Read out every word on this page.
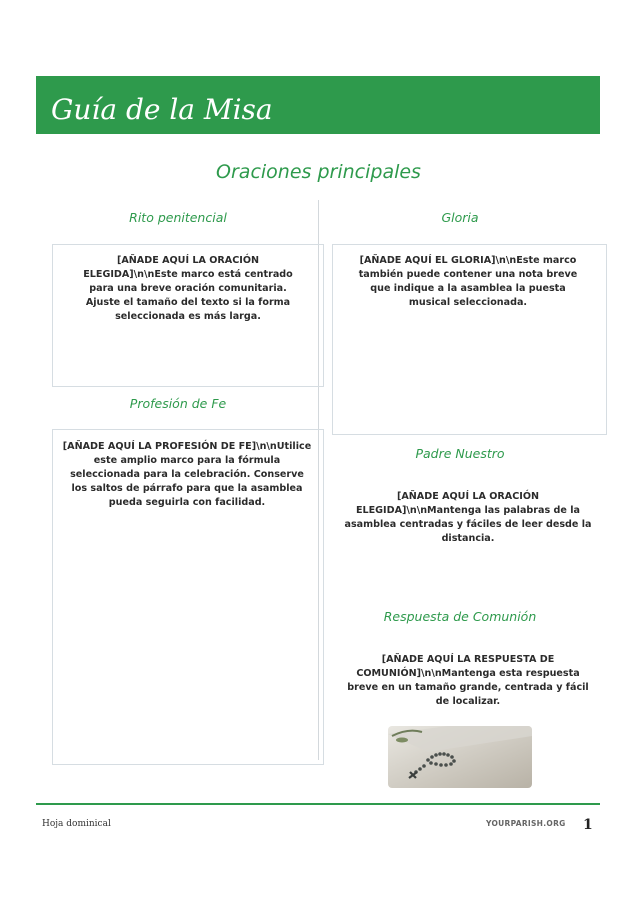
Guía de la Misa
Oraciones principales
Rito penitencial
[AÑADE AQUÍ LA ORACIÓN ELEGIDA]\n\nEste marco está centrado para una breve oración comunitaria. Ajuste el tamaño del texto si la forma seleccionada es más larga.
Profesión de Fe
[AÑADE AQUÍ LA PROFESIÓN DE FE]\n\nUtilice este amplio marco para la fórmula seleccionada para la celebración. Conserve los saltos de párrafo para que la asamblea pueda seguirla con facilidad.
Gloria
[AÑADE AQUÍ EL GLORIA]\n\nEste marco también puede contener una nota breve que indique a la asamblea la puesta musical seleccionada.
Padre Nuestro
[AÑADE AQUÍ LA ORACIÓN ELEGIDA]\n\nMantenga las palabras de la asamblea centradas y fáciles de leer desde la distancia.
Respuesta de Comunión
[AÑADE AQUÍ LA RESPUESTA DE COMUNIÓN]\n\nMantenga esta respuesta breve en un tamaño grande, centrada y fácil de localizar.
Hoja dominical	YOURPARISH.ORG 1
